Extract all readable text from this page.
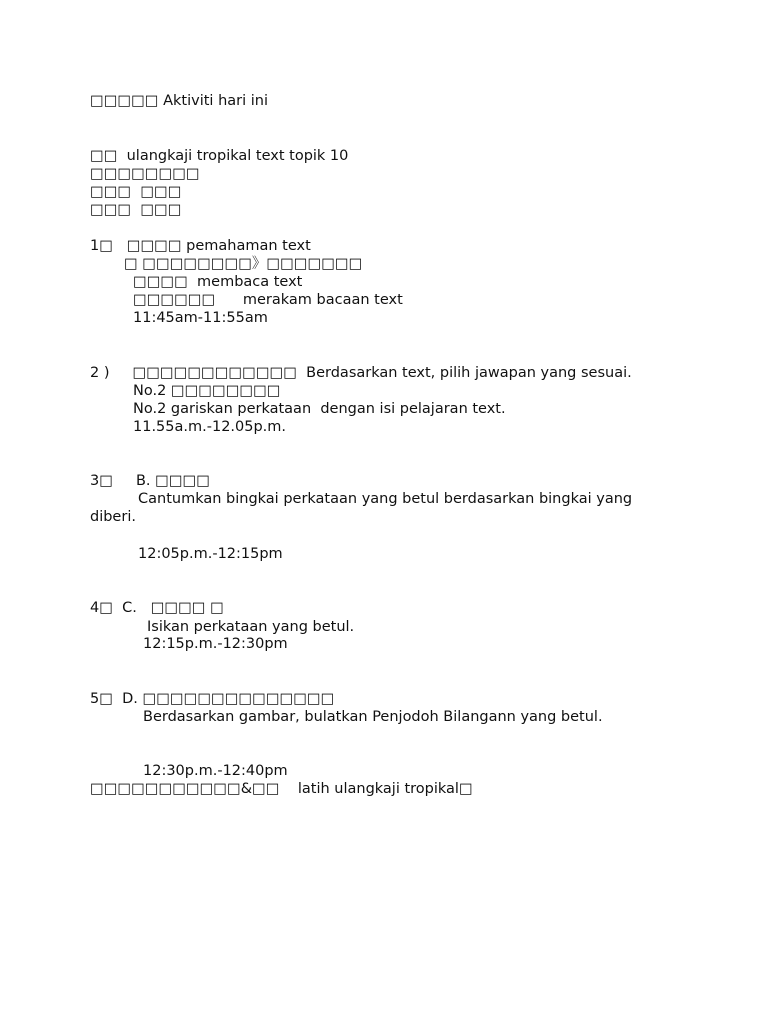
□□□□□ Aktiviti hari ini
□□  ulangkaji tropikal text topik 10
□□□□□□□□
□□□  □□□
□□□  □□□
1□   □□□□ pemahaman text
□ □□□□□□□□》□□□□□□□
□□□□  membaca text
□□□□□□      merakam bacaan text
11:45am-11:55am
2 )     □□□□□□□□□□□□  Berdasarkan text, pilih jawapan yang sesuai.
No.2 □□□□□□□□
No.2 gariskan perkataan  dengan isi pelajaran text.
11.55a.m.-12.05p.m.
3□     B. □□□□
Cantumkan bingkai perkataan yang betul berdasarkan bingkai yang diberi.
12:05p.m.-12:15pm
4□  C.   □□□□ □
Isikan perkataan yang betul.
12:15p.m.-12:30pm
5□  D. □□□□□□□□□□□□□□
Berdasarkan gambar, bulatkan Penjodoh Bilangann yang betul.
12:30p.m.-12:40pm
□□□□□□□□□□□&□□    latih ulangkaji tropikal□
